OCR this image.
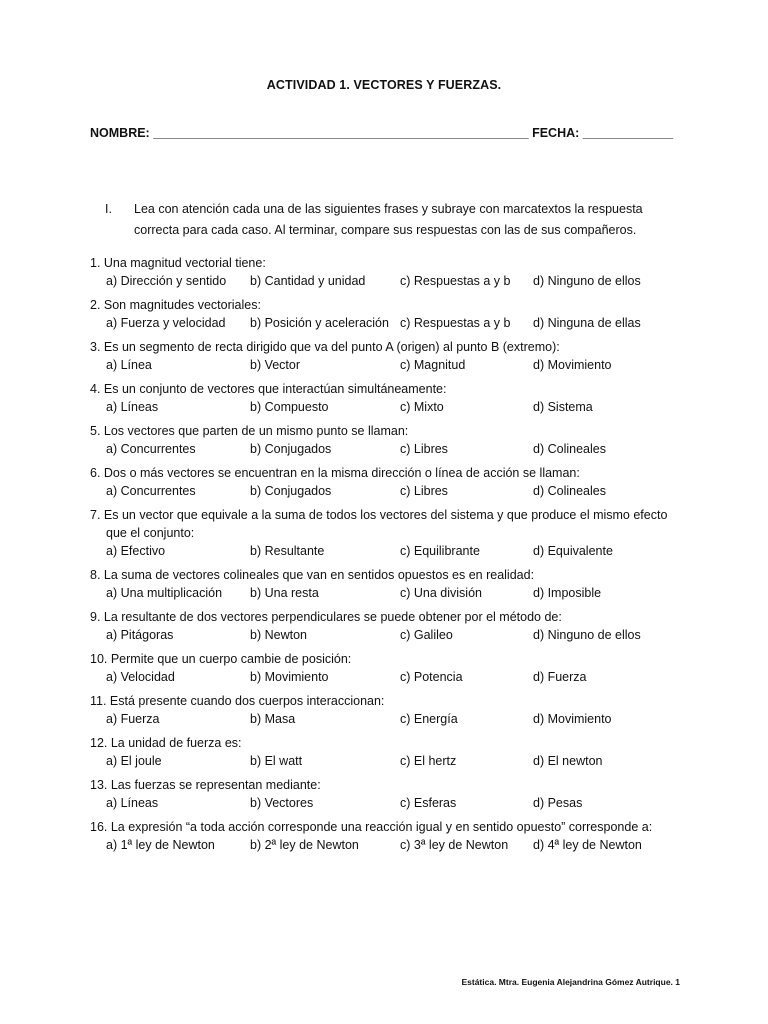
ACTIVIDAD 1. VECTORES Y FUERZAS.
NOMBRE: ______________________________________________________ FECHA: _____________
I. Lea con atención cada una de las siguientes frases y subraye con marcatextos la respuesta correcta para cada caso. Al terminar, compare sus respuestas con las de sus compañeros.
1. Una magnitud vectorial tiene:
a) Dirección y sentido b) Cantidad y unidad	c) Respuestas a y b d) Ninguno de ellos
2. Son magnitudes vectoriales:
a) Fuerza y velocidad b) Posición y aceleración c) Respuestas a y b d) Ninguna de ellas
3. Es un segmento de recta dirigido que va del punto A (origen) al punto B (extremo):
a) Línea	b) Vector	c) Magnitud	d) Movimiento
4. Es un conjunto de vectores que interactúan simultáneamente:
a) Líneas	b) Compuesto	c) Mixto	d) Sistema
5. Los vectores que parten de un mismo punto se llaman:
a) Concurrentes	b) Conjugados	c) Libres	d) Colineales
6. Dos o más vectores se encuentran en la misma dirección o línea de acción se llaman:
a) Concurrentes	b) Conjugados	c) Libres	d) Colineales
7. Es un vector que equivale a la suma de todos los vectores del sistema y que produce el mismo efecto
que el conjunto:
a) Efectivo	b) Resultante	c) Equilibrante	d) Equivalente
8. La suma de vectores colineales que van en sentidos opuestos es en realidad:
a) Una multiplicación b) Una resta	c) Una división	d) Imposible
9. La resultante de dos vectores perpendiculares se puede obtener por el método de:
a) Pitágoras	b) Newton	c) Galileo	d) Ninguno de ellos
10. Permite que un cuerpo cambie de posición:
a) Velocidad	b) Movimiento	c) Potencia	d) Fuerza
11. Está presente cuando dos cuerpos interaccionan:
a) Fuerza	b) Masa	c) Energía	d) Movimiento
12. La unidad de fuerza es:
a) El joule	b) El watt	c) El hertz	d) El newton
13. Las fuerzas se representan mediante:
a) Líneas	b) Vectores	c) Esferas	d) Pesas
16. La expresión “a toda acción corresponde una reacción igual y en sentido opuesto” corresponde a:
a) 1ª ley de Newton	b) 2ª ley de Newton	c) 3ª ley de Newton d) 4ª ley de Newton
Estática. Mtra. Eugenia Alejandrina Gómez Autrique. 1
